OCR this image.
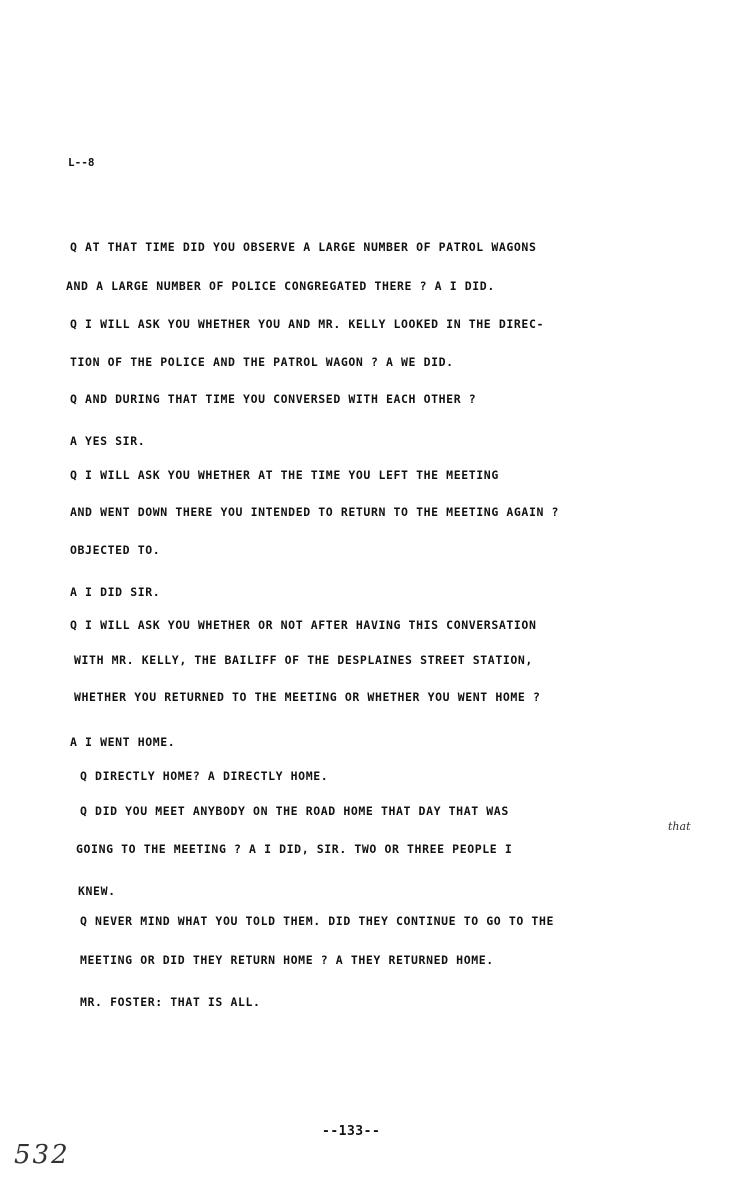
L--8
Q AT THAT TIME DID YOU OBSERVE A LARGE NUMBER OF PATROL WAGONS
AND A LARGE NUMBER OF POLICE CONGREGATED THERE ? A I DID.
Q I WILL ASK YOU WHETHER YOU AND MR. KELLY LOOKED IN THE DIREC-
TION OF THE POLICE AND THE PATROL WAGON ? A WE DID.
Q AND DURING THAT TIME YOU CONVERSED WITH EACH OTHER ?
A YES SIR.
Q I WILL ASK YOU WHETHER AT THE TIME YOU LEFT THE MEETING
AND WENT DOWN THERE YOU INTENDED TO RETURN TO THE MEETING AGAIN ?
OBJECTED TO.
A I DID SIR.
Q I WILL ASK YOU WHETHER OR NOT AFTER HAVING THIS CONVERSATION
WITH MR. KELLY, THE BAILIFF OF THE DESPLAINES STREET STATION,
WHETHER YOU RETURNED TO THE MEETING OR WHETHER YOU WENT HOME ?
A I WENT HOME.
Q DIRECTLY HOME? A DIRECTLY HOME.
Q DID YOU MEET ANYBODY ON THE ROAD HOME THAT DAY THAT WAS
GOING TO THE MEETING ? A I DID, SIR. TWO OR THREE PEOPLE I
KNEW.
Q NEVER MIND WHAT YOU TOLD THEM. DID THEY CONTINUE TO GO TO THE
MEETING OR DID THEY RETURN HOME ? A THEY RETURNED HOME.
MR. FOSTER: THAT IS ALL.
that
--133--
532
